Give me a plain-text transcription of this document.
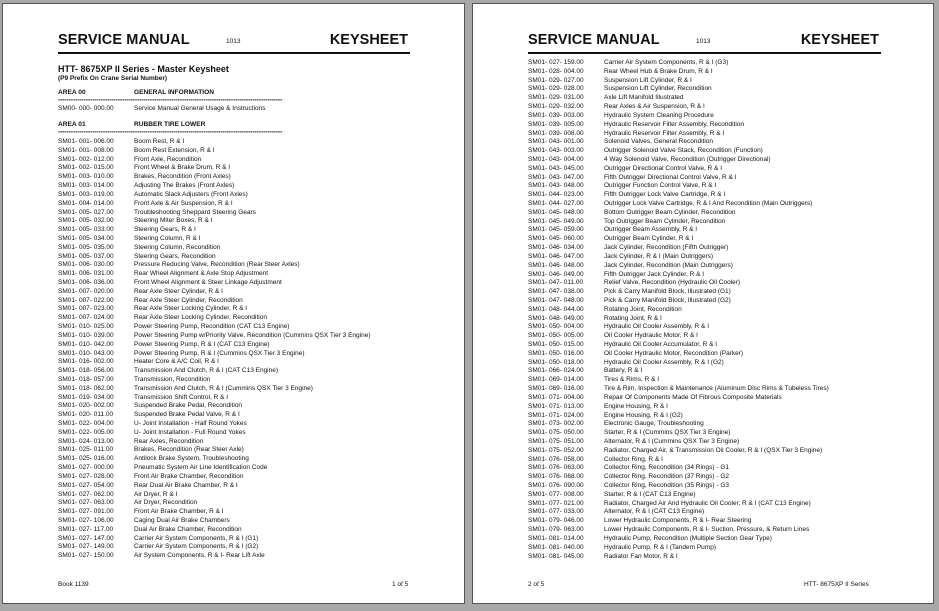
SERVICE MANUAL	1013	KEYSHEET
HTT- 8675XP II Series - Master Keysheet
(P9 Prefix On Crane Serial Number)
AREA 00	GENERAL INFORMATION
*********************************************************************************************************
SM00- 000- 000.00	Service Manual General Usage & Instructions
AREA 01	RUBBER TIRE LOWER
*********************************************************************************************************
SM01- 001- 006.00	Boom Rest, R & I
SM01- 001- 008.00	Boom Rest Extension, R & I
SM01- 002- 012.00	Front Axle, Recondition
SM01- 002- 015.00	Front Wheel & Brake Drum, R & I
SM01- 003- 010.00	Brakes, Recondition (Front Axles)
SM01- 003- 014.00	Adjusting The Brakes (Front Axles)
SM01- 003- 019.00	Automatic Slack Adjusters (Front Axles)
SM01- 004- 014.00	Front Axle & Air Suspension, R & I
SM01- 005- 027.00	Troubleshooting Sheppard Steering Gears
SM01- 005- 032.00	Steering Miter Boxes, R & I
SM01- 005- 033.00	Steering Gears, R & I
SM01- 005- 034.00	Steering Column, R & I
SM01- 005- 035.00	Steering Column, Recondition
SM01- 005- 037.00	Steering Gears, Recondition
SM01- 006- 030.00	Pressure Reducing Valve, Recondition (Rear Steer Axles)
SM01- 006- 031.00	Rear Wheel Alignment & Axle Stop Adjustment
SM01- 006- 036.00	Front Wheel Alignment & Steer Linkage Adjustment
SM01- 007- 020.00	Rear Axle Steer Cylinder, R & I
SM01- 007- 022.00	Rear Axle Steer Cylinder, Recondition
SM01- 007- 023.00	Rear Axle Steer Locking Cylinder, R & I
SM01- 007- 024.00	Rear Axle Steer Locking Cylinder, Recondition
SM01- 010- 025.00	Power Steering Pump, Recondition (CAT C13 Engine)
SM01- 010- 039.00	Power Steering Pump w/Priority Valve, Recondition (Cummins QSX Tier 3 Engine)
SM01- 010- 042.00	Power Steering Pump, R & I (CAT C13 Engine)
SM01- 010- 043.00	Power Steering Pump, R & I (Cummins QSX Tier 3 Engine)
SM01- 016- 002.00	Heater Core & A/C Coil, R & I
SM01- 018- 056.00	Transmission And Clutch, R & I (CAT C13 Engine)
SM01- 018- 057.00	Transmission, Recondition
SM01- 018- 062.00	Transmission And Clutch, R & I (Cummins QSX Tier 3 Engine)
SM01- 019- 034.00	Transmission Shift Control, R & I
SM01- 020- 002.00	Suspended Brake Pedal, Recondition
SM01- 020- 011.00	Suspended Brake Pedal Valve, R & I
SM01- 022- 004.00	U- Joint Installation - Half Round Yokes
SM01- 022- 005.00	U- Joint Installation - Full Round Yokes
SM01- 024- 013.00	Rear Axles, Recondition
SM01- 025- 011.00	Brakes, Recondition (Rear Steer Axle)
SM01- 025- 016.00	Antilock Brake System, Troubleshooting
SM01- 027- 000.00	Pneumatic System Air Line Identification Code
SM01- 027- 028.00	Front Air Brake Chamber, Recondition
SM01- 027- 054.00	Rear Dual Air Brake Chamber, R & I
SM01- 027- 062.00	Air Dryer, R & I
SM01- 027- 063.00	Air Dryer, Recondition
SM01- 027- 091.00	Front Air Brake Chamber, R & I
SM01- 027- 106.00	Caging Dual Air Brake Chambers
SM01- 027- 117.00	Dual Air Brake Chamber, Recondition
SM01- 027- 147.00	Carrier Air System Components, R & I (G1)
SM01- 027- 149.00	Carrier Air System Components, R & I (G2)
SM01- 027- 150.00	Air System Components, R & I- Rear Lift Axle
Book 1139	1 of 5
SERVICE MANUAL	1013	KEYSHEET
SM01- 027- 159.00	Carrier Air System Components, R & I (G3)
SM01- 028- 004.00	Rear Wheel Hub & Brake Drum, R & I
SM01- 029- 027.00	Suspension Lift Cylinder, R & I
SM01- 029- 028.00	Suspension Lift Cylinder, Recondition
SM01- 029- 031.00	Axle Lift Manifold Illustrated
SM01- 029- 032.00	Rear Axles & Air Suspension, R & I
SM01- 039- 003.00	Hydraulic System Cleaning Procedure
SM01- 039- 005.00	Hydraulic Reservoir Filter Assembly, Recondition
SM01- 039- 008.00	Hydraulic Reservoir Filter Assembly, R & I
SM01- 043- 001.00	Solenoid Valves, General Recondition
SM01- 043- 003.00	Outrigger Solenoid Valve Stack, Recondition (Function)
SM01- 043- 004.00	4 Way Solenoid Valve, Recondition (Outrigger Directional)
SM01- 043- 045.00	Outrigger Directional Control Valve, R & I
SM01- 043- 047.00	Fifth Outrigger Directional Control Valve, R & I
SM01- 043- 048.00	Outrigger Function Control Valve, R & I
SM01- 044- 023.00	Fifth Outrigger Lock Valve Cartridge, R & I
SM01- 044- 027.00	Outrigger Lock Valve Cartridge, R & I And Recondition (Main Outriggers)
SM01- 045- 048.00	Bottom Outrigger Beam Cylinder, Recondition
SM01- 045- 049.00	Top Outrigger Beam Cylinder, Recondition
SM01- 045- 059.00	Outrigger Beam Assembly, R & I
SM01- 045- 060.00	Outrigger Beam Cylinder, R & I
SM01- 046- 034.00	Jack Cylinder, Recondition (Fifth Outrigger)
SM01- 046- 047.00	Jack Cylinder, R & I (Main Outriggers)
SM01- 046- 048.00	Jack Cylinder, Recondition (Main Outriggers)
SM01- 046- 049.00	Fifth Outrigger Jack Cylinder, R & I
SM01- 047- 011.00	Relief Valve, Recondition (Hydraulic Oil Cooler)
SM01- 047- 038.00	Pick & Carry Manifold Block, Illustrated (G1)
SM01- 047- 048.00	Pick & Carry Manifold Block, Illustrated (G2)
SM01- 048- 044.00	Rotating Joint, Recondition
SM01- 048- 049.00	Rotating Joint, R & I
SM01- 050- 004.00	Hydraulic Oil Cooler Assembly, R & I
SM01- 050- 005.00	Oil Cooler Hydraulic Motor, R & I
SM01- 050- 015.00	Hydraulic Oil Cooler Accumulator, R & I
SM01- 050- 016.00	Oil Cooler Hydraulic Motor, Recondition (Parker)
SM01- 050- 018.00	Hydraulic Oil Cooler Assembly, R & I (G2)
SM01- 066- 024.00	Battery, R & I
SM01- 069- 014.00	Tires & Rims, R & I
SM01- 069- 016.00	Tire & Rim, Inspection & Maintenance (Aluminum Disc Rims & Tubeless Tires)
SM01- 071- 004.00	Repair Of Components Made Of Fibrous Composite Materials
SM01- 071- 013.00	Engine Housing, R & I
SM01- 071- 024.00	Engine Housing, R & I (G2)
SM01- 073- 002.00	Electronic Gauge, Troubleshooting
SM01- 075- 050.00	Starter, R & I (Cummins QSX Tier 3 Engine)
SM01- 075- 051.00	Alternator, R & I (Cummins QSX Tier 3 Engine)
SM01- 075- 052.00	Radiator, Charged Air, & Transmission Oil Cooler, R & I (QSX Tier 3 Engine)
SM01- 076- 058.00	Collector Ring, R & I
SM01- 076- 063.00	Collector Ring, Recondition (34 Rings) - G1
SM01- 076- 068.00	Collector Ring, Recondition (37 Rings) - G2
SM01- 076- 090.00	Collector Ring, Recondition (35 Rings) - G3
SM01- 077- 008.00	Starter, R & I (CAT C13 Engine)
SM01- 077- 021.00	Radiator, Charged Air And Hydraulic Oil Cooler, R & I (CAT C13 Engine)
SM01- 077- 033.00	Alternator, R & I (CAT C13 Engine)
SM01- 079- 046.00	Lower Hydraulic Components, R & I- Rear Steering
SM01- 079- 063.00	Lower Hydraulic Components, R & I- Suction, Pressure, & Return Lines
SM01- 081- 014.00	Hydraulic Pump, Recondition (Multiple Section Gear Type)
SM01- 081- 040.00	Hydraulic Pump, R & I (Tandem Pump)
SM01- 081- 045.00	Radiator Fan Motor, R & I
2 of 5	HTT- 8675XP II Series
